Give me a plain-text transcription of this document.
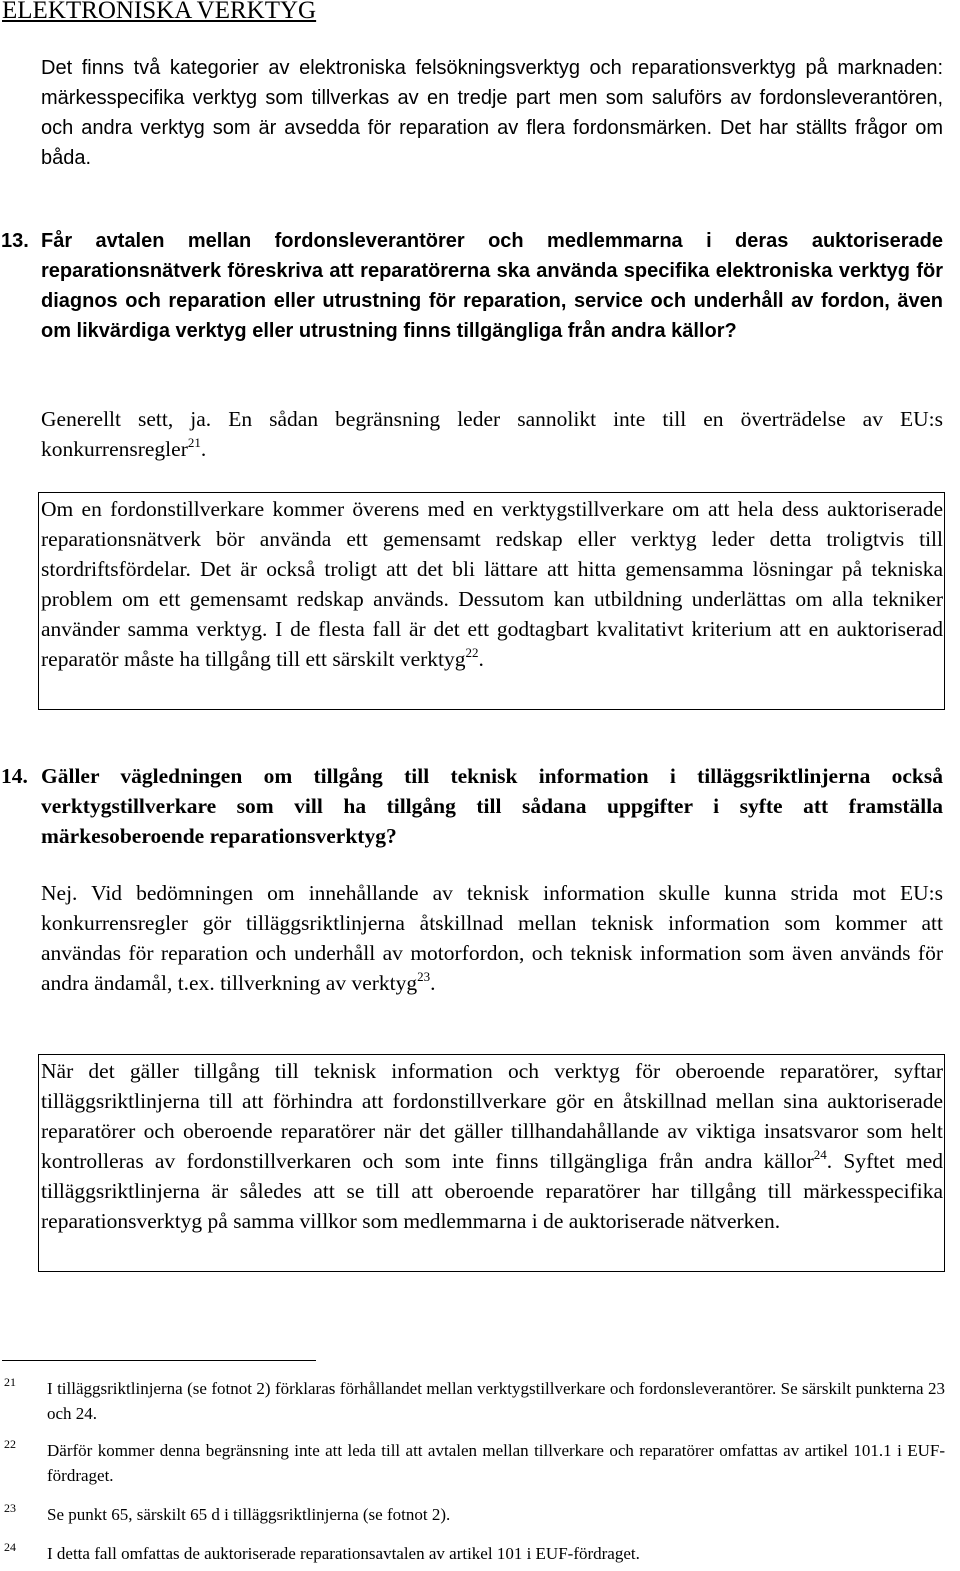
ELEKTRONISKA VERKTYG

Det finns två kategorier av elektroniska felsökningsverktyg och reparationsverktyg på marknaden: märkesspecifika verktyg som tillverkas av en tredje part men som saluförs av fordonsleverantören, och andra verktyg som är avsedda för reparation av flera fordonsmärken. Det har ställts frågor om båda.

13. Får avtalen mellan fordonsleverantörer och medlemmarna i deras auktoriserade reparationsnätverk föreskriva att reparatörerna ska använda specifika elektroniska verktyg för diagnos och reparation eller utrustning för reparation, service och underhåll av fordon, även om likvärdiga verktyg eller utrustning finns tillgängliga från andra källor?

Generellt sett, ja. En sådan begränsning leder sannolikt inte till en överträdelse av EU:s konkurrensregler$^{21}$.

Om en fordonstillverkare kommer överens med en verktygstillverkare om att hela dess auktoriserade reparationsnätverk bör använda ett gemensamt redskap eller verktyg leder detta troligtvis till stordriftsfördelar. Det är också troligt att det bli lättare att hitta gemensamma lösningar på tekniska problem om ett gemensamt redskap används. Dessutom kan utbildning underlättas om alla tekniker använder samma verktyg. I de flesta fall är det ett godtagbart kvalitativt kriterium att en auktoriserad reparatör måste ha tillgång till ett särskilt verktyg$^{22}$.

14. Gäller vägledningen om tillgång till teknisk information i tilläggsriktlinjerna också verktygstillverkare som vill ha tillgång till sådana uppgifter i syfte att framställa märkesoberoende reparationsverktyg?

Nej. Vid bedömningen om innehållande av teknisk information skulle kunna strida mot EU:s konkurrensregler gör tilläggsriktlinjerna åtskillnad mellan teknisk information som kommer att användas för reparation och underhåll av motorfordon, och teknisk information som även används för andra ändamål, t.ex. tillverkning av verktyg$^{23}$.

När det gäller tillgång till teknisk information och verktyg för oberoende reparatörer, syftar tilläggsriktlinjerna till att förhindra att fordonstillverkare gör en åtskillnad mellan sina auktoriserade reparatörer och oberoende reparatörer när det gäller tillhandahållande av viktiga insatsvaror som helt kontrolleras av fordonstillverkaren och som inte finns tillgängliga från andra källor$^{24}$. Syftet med tilläggsriktlinjerna är således att se till att oberoende reparatörer har tillgång till märkesspecifika reparationsverktyg på samma villkor som medlemmarna i de auktoriserade nätverken.

21 I tilläggsriktlinjerna (se fotnot 2) förklaras förhållandet mellan verktygstillverkare och fordonsleverantörer. Se särskilt punkterna 23 och 24.
22 Därför kommer denna begränsning inte att leda till att avtalen mellan tillverkare och reparatörer omfattas av artikel 101.1 i EUF-fördraget.
23 Se punkt 65, särskilt 65 d i tilläggsriktlinjerna (se fotnot 2).
24 I detta fall omfattas de auktoriserade reparationsavtalen av artikel 101 i EUF-fördraget.
